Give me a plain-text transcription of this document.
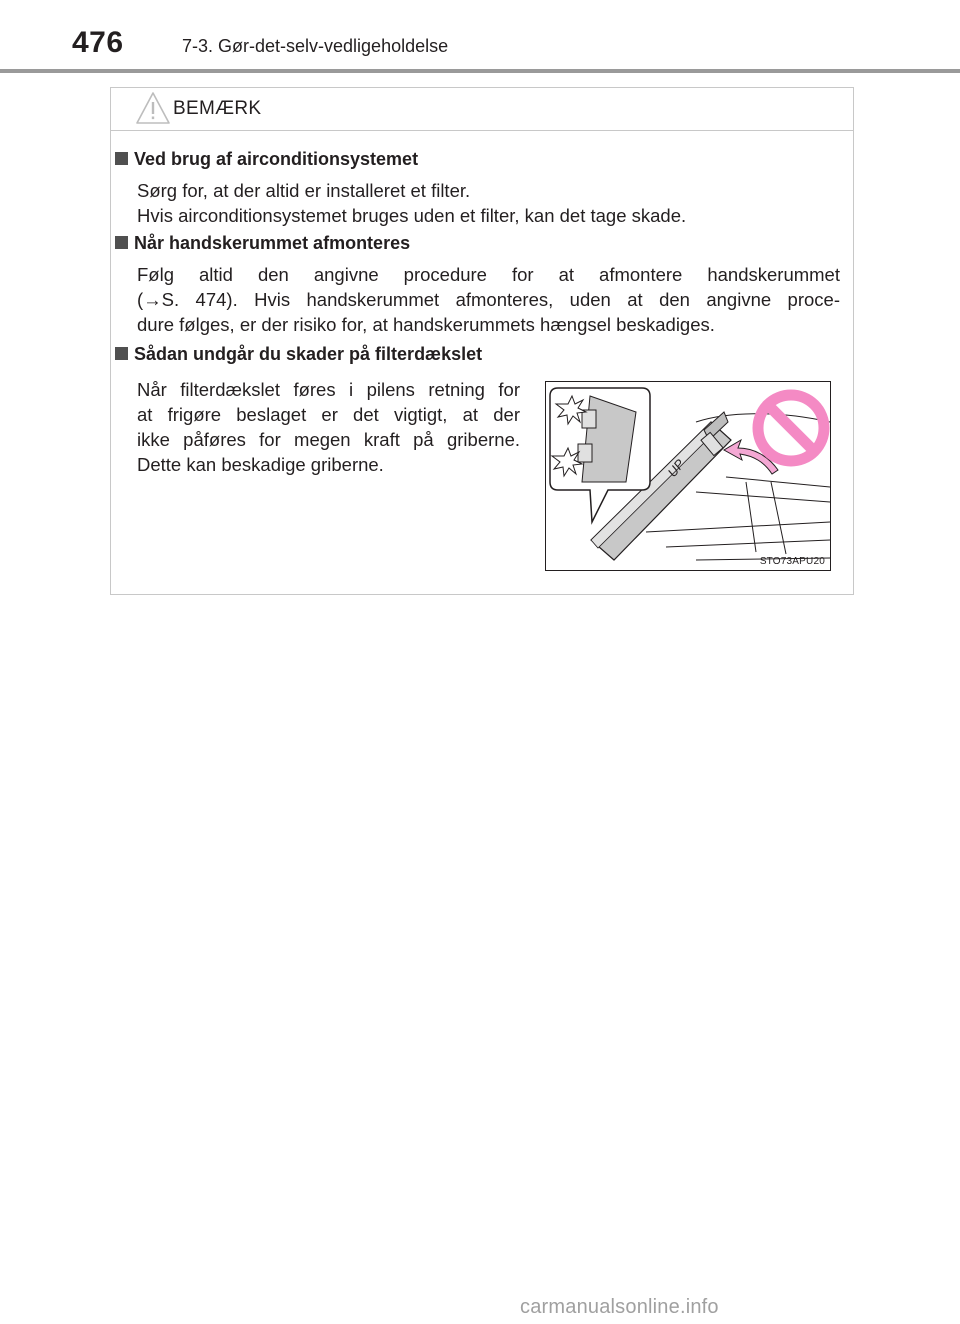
476	7-3. Gør-det-selv-vedligeholdelse
BEMÆRK
Ved brug af airconditionsystemet
Sørg for, at der altid er installeret et filter.
Hvis airconditionsystemet bruges uden et filter, kan det tage skade.
Når handskerummet afmonteres
Følg altid den angivne procedure for at afmontere handskerummet
(→S. 474). Hvis handskerummet afmonteres, uden at den angivne proce-
dure følges, er der risiko for, at handskerummets hængsel beskadiges.
Sådan undgår du skader på filterdækslet
Når filterdækslet føres i pilens retning for
at frigøre beslaget er det vigtigt, at der
ikke påføres for megen kraft på griberne.
Dette kan beskadige griberne.	UP
STO73APU20
carmanualsonline.info
